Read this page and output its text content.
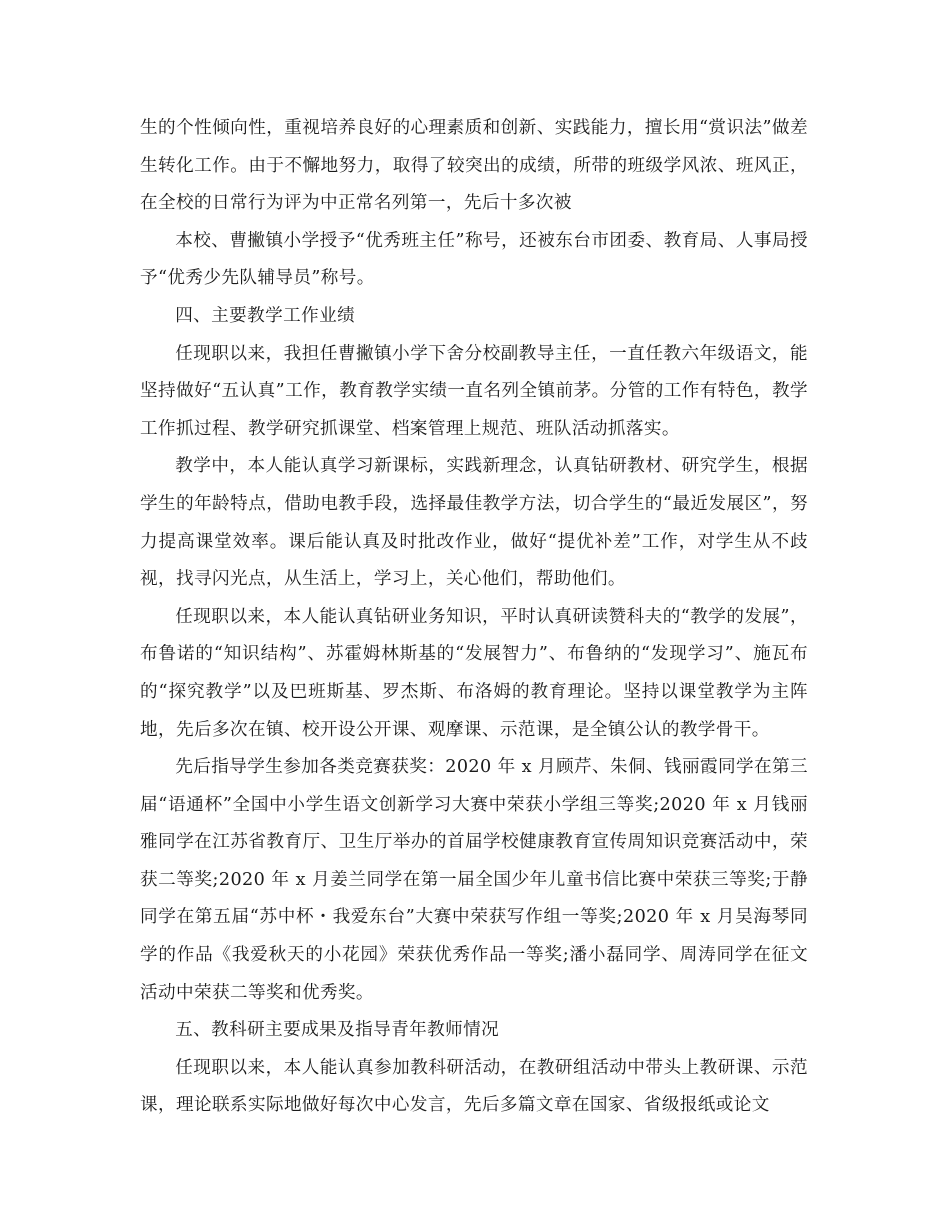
生的个性倾向性，重视培养良好的心理素质和创新、实践能力，擅长用“赏识法”做差生转化工作。由于不懈地努力，取得了较突出的成绩，所带的班级学风浓、班风正，在全校的日常行为评为中正常名列第一，先后十多次被

本校、曹撇镇小学授予“优秀班主任”称号，还被东台市团委、教育局、人事局授予“优秀少先队辅导员”称号。

四、主要教学工作业绩

任现职以来，我担任曹撇镇小学下舍分校副教导主任，一直任教六年级语文，能坚持做好“五认真”工作，教育教学实绩一直名列全镇前茅。分管的工作有特色，教学工作抓过程、教学研究抓课堂、档案管理上规范、班队活动抓落实。

教学中，本人能认真学习新课标，实践新理念，认真钻研教材、研究学生，根据学生的年龄特点，借助电教手段，选择最佳教学方法，切合学生的“最近发展区”，努力提高课堂效率。课后能认真及时批改作业，做好“提优补差”工作，对学生从不歧视，找寻闪光点，从生活上，学习上，关心他们，帮助他们。

任现职以来，本人能认真钻研业务知识，平时认真研读赞科夫的“教学的发展”，布鲁诺的“知识结构”、苏霍姆林斯基的“发展智力”、布鲁纳的“发现学习”、施瓦布的“探究教学”以及巴班斯基、罗杰斯、布洛姆的教育理论。坚持以课堂教学为主阵地，先后多次在镇、校开设公开课、观摩课、示范课，是全镇公认的教学骨干。

先后指导学生参加各类竞赛获奖：2020 年 x 月顾芹、朱侗、钱丽霞同学在第三届“语通杯”全国中小学生语文创新学习大赛中荣获小学组三等奖;2020 年 x 月钱丽雅同学在江苏省教育厅、卫生厅举办的首届学校健康教育宣传周知识竞赛活动中，荣获二等奖;2020 年 x 月姜兰同学在第一届全国少年儿童书信比赛中荣获三等奖;于静同学在第五届“苏中杯・我爱东台”大赛中荣获写作组一等奖;2020 年 x 月吴海琴同学的作品《我爱秋天的小花园》荣获优秀作品一等奖;潘小磊同学、周涛同学在征文活动中荣获二等奖和优秀奖。

五、教科研主要成果及指导青年教师情况

任现职以来，本人能认真参加教科研活动，在教研组活动中带头上教研课、示范课，理论联系实际地做好每次中心发言，先后多篇文章在国家、省级报纸或论文
